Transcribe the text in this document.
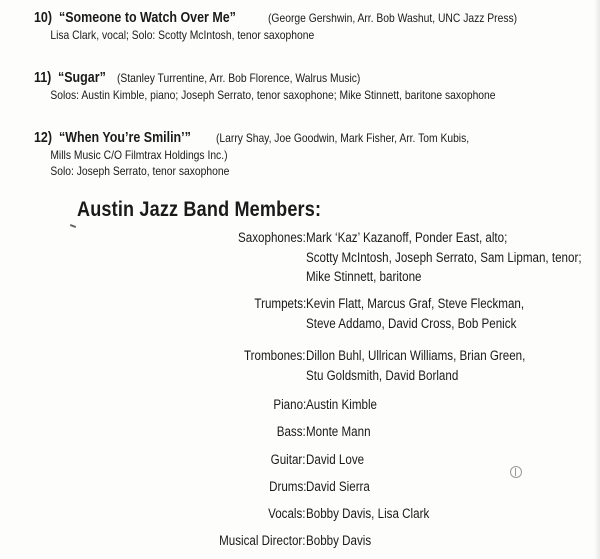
10) “Someone to Watch Over Me”	(George Gershwin, Arr. Bob Washut, UNC Jazz Press)
Lisa Clark, vocal; Solo: Scotty McIntosh, tenor saxophone
11) “Sugar” (Stanley Turrentine, Arr. Bob Florence, Walrus Music)
Solos: Austin Kimble, piano; Joseph Serrato, tenor saxophone; Mike Stinnett, baritone saxophone
12) “When You’re Smilin’” (Larry Shay, Joe Goodwin, Mark Fisher, Arr. Tom Kubis,
Mills Music C/O Filmtrax Holdings Inc.)
Solo: Joseph Serrato, tenor saxophone
Austin Jazz Band Members:
Saxophones: Mark ‘Kaz’ Kazanoff, Ponder East, alto;
Scotty McIntosh, Joseph Serrato, Sam Lipman, tenor;
Mike Stinnett, baritone
Trumpets: Kevin Flatt, Marcus Graf, Steve Fleckman,
Steve Addamo, David Cross, Bob Penick
Trombones: Dillon Buhl, Ullrican Williams, Brian Green,
Stu Goldsmith, David Borland
Piano: Austin Kimble
Bass: Monte Mann
Guitar: David Love
Drums: David Sierra
Vocals: Bobby Davis, Lisa Clark
Musical Director: Bobby Davis
